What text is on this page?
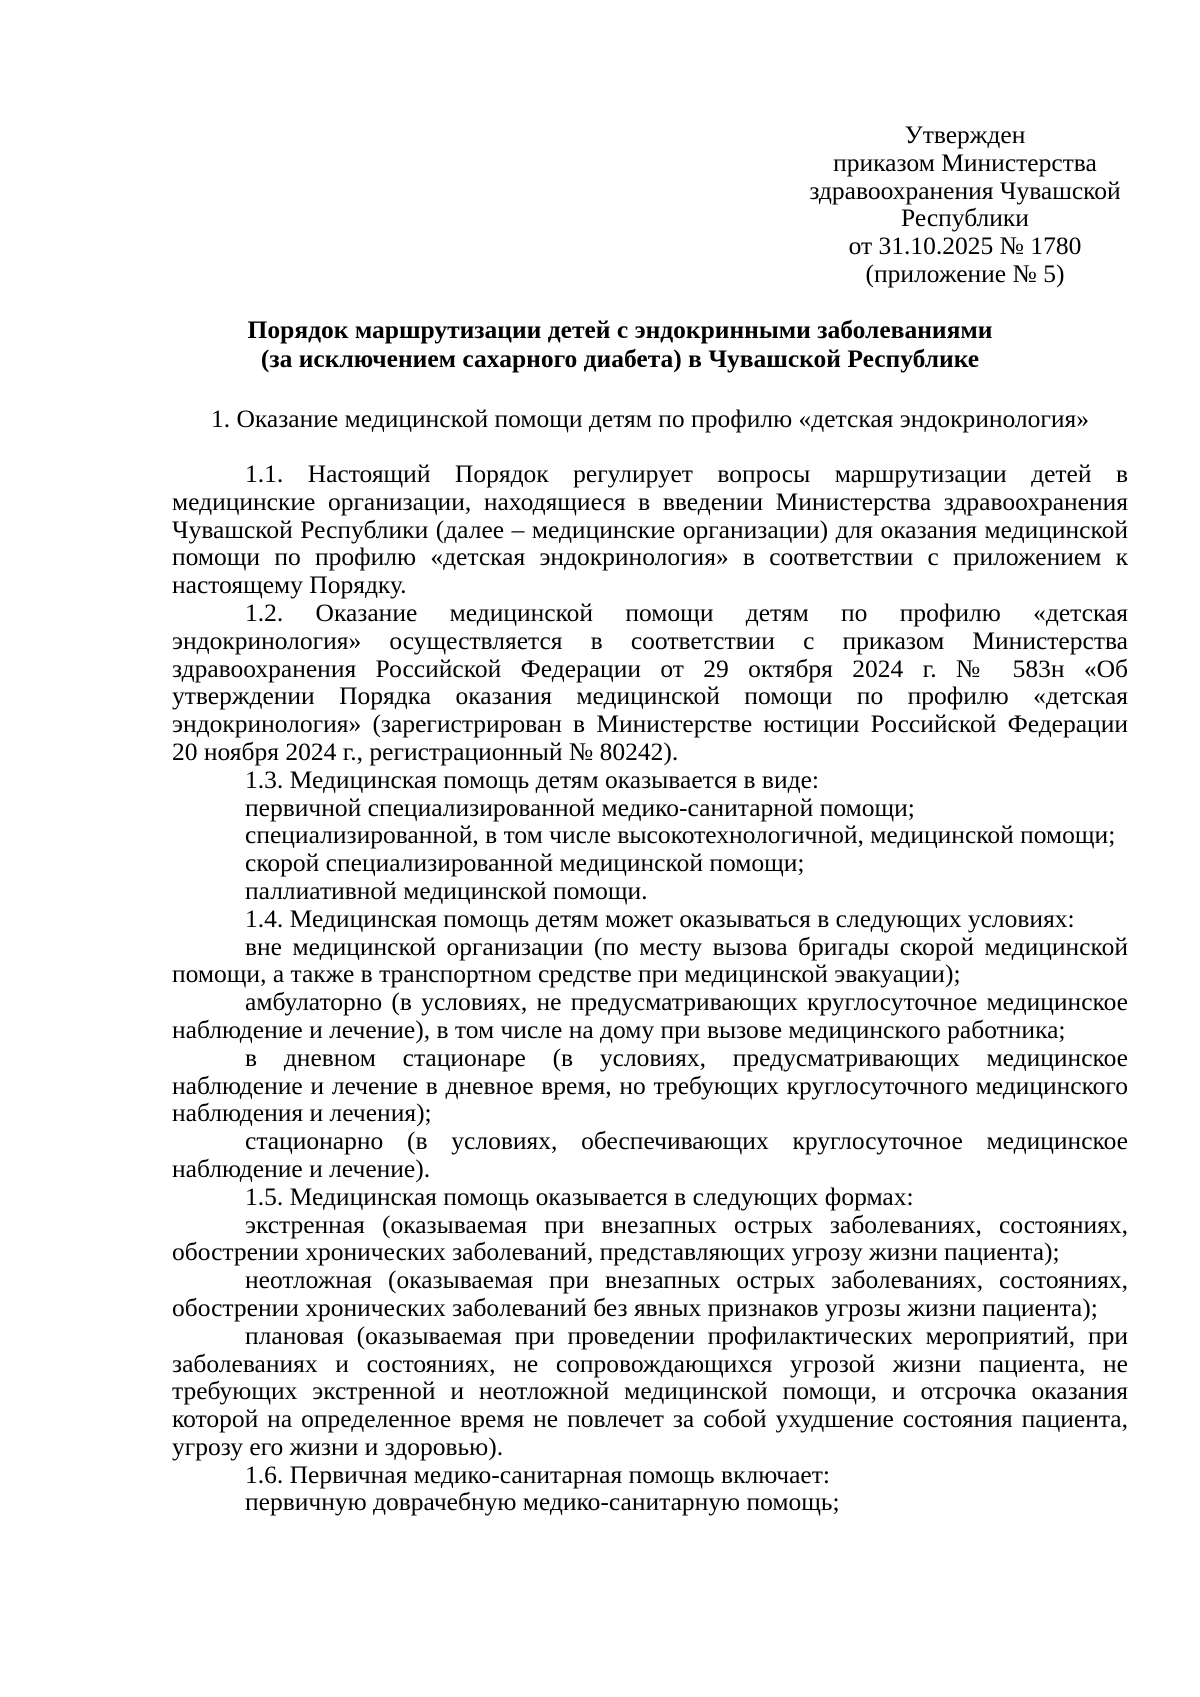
Утвержден
приказом Министерства
здравоохранения Чувашской
Республики
от 31.10.2025 № 1780
(приложение № 5)
Порядок маршрутизации детей с эндокринными заболеваниями
(за исключением сахарного диабета) в Чувашской Республике
1. Оказание медицинской помощи детям по профилю «детская эндокринология»

1.1. Настоящий Порядок регулирует вопросы маршрутизации детей в медицинские организации, находящиеся в введении Министерства здравоохранения Чувашской Республики (далее – медицинские организации) для оказания медицинской помощи по профилю «детская эндокринология» в соответствии с приложением к настоящему Порядку.

1.2. Оказание медицинской помощи детям по профилю «детская эндокринология» осуществляется в соответствии с приказом Министерства здравоохранения Российской Федерации от 29 октября 2024 г. № 583н «Об утверждении Порядка оказания медицинской помощи по профилю «детская эндокринология» (зарегистрирован в Министерстве юстиции Российской Федерации 20 ноября 2024 г., регистрационный № 80242).

1.3. Медицинская помощь детям оказывается в виде:

первичной специализированной медико-санитарной помощи;

специализированной, в том числе высокотехнологичной, медицинской помощи;

скорой специализированной медицинской помощи;

паллиативной медицинской помощи.

1.4. Медицинская помощь детям может оказываться в следующих условиях:

вне медицинской организации (по месту вызова бригады скорой медицинской помощи, а также в транспортном средстве при медицинской эвакуации);

амбулаторно (в условиях, не предусматривающих круглосуточное медицинское наблюдение и лечение), в том числе на дому при вызове медицинского работника;

в дневном стационаре (в условиях, предусматривающих медицинское наблюдение и лечение в дневное время, но требующих круглосуточного медицинского наблюдения и лечения);

стационарно (в условиях, обеспечивающих круглосуточное медицинское наблюдение и лечение).

1.5. Медицинская помощь оказывается в следующих формах:

экстренная (оказываемая при внезапных острых заболеваниях, состояниях, обострении хронических заболеваний, представляющих угрозу жизни пациента);

неотложная (оказываемая при внезапных острых заболеваниях, состояниях, обострении хронических заболеваний без явных признаков угрозы жизни пациента);

плановая (оказываемая при проведении профилактических мероприятий, при заболеваниях и состояниях, не сопровождающихся угрозой жизни пациента, не требующих экстренной и неотложной медицинской помощи, и отсрочка оказания которой на определенное время не повлечет за собой ухудшение состояния пациента, угрозу его жизни и здоровью).

1.6. Первичная медико-санитарная помощь включает:

первичную доврачебную медико-санитарную помощь;
